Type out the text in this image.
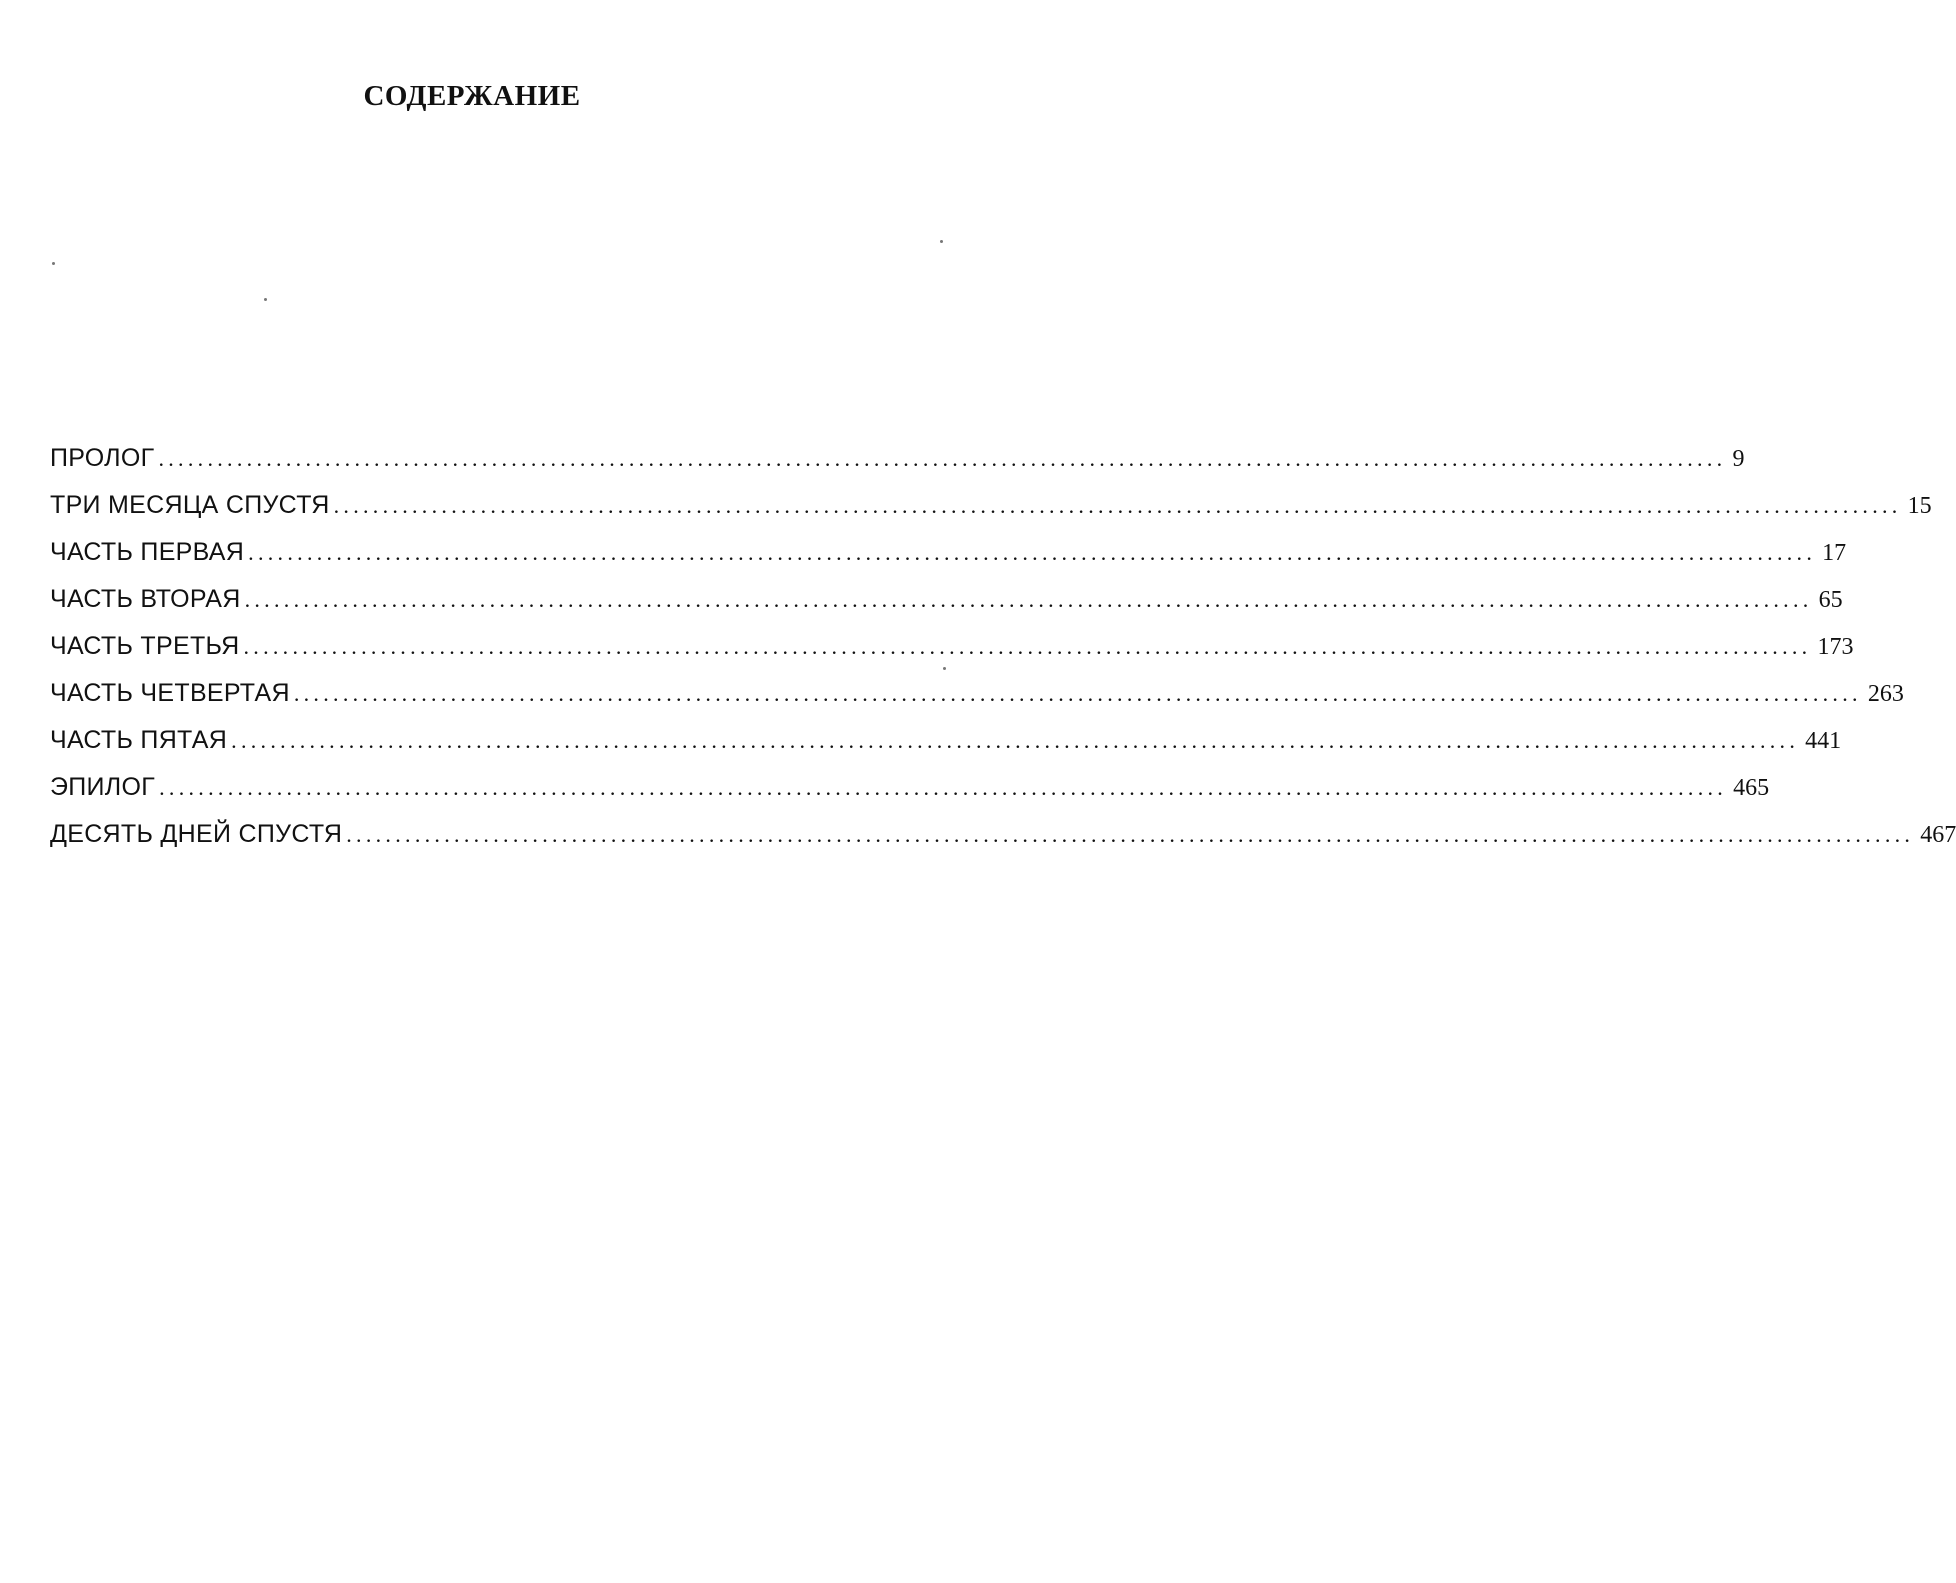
СОДЕРЖАНИЕ
ПРОЛОГ ................................................................................................................................................................ 9
ТРИ МЕСЯЦА СПУСТЯ ................................................................................................................................................................ 15
ЧАСТЬ ПЕРВАЯ ................................................................................................................................................................ 17
ЧАСТЬ ВТОРАЯ ................................................................................................................................................................ 65
ЧАСТЬ ТРЕТЬЯ ................................................................................................................................................................ 173
ЧАСТЬ ЧЕТВЕРТАЯ ................................................................................................................................................................ 263
ЧАСТЬ ПЯТАЯ ................................................................................................................................................................ 441
ЭПИЛОГ ................................................................................................................................................................ 465
ДЕСЯТЬ ДНЕЙ СПУСТЯ ................................................................................................................................................................ 467
